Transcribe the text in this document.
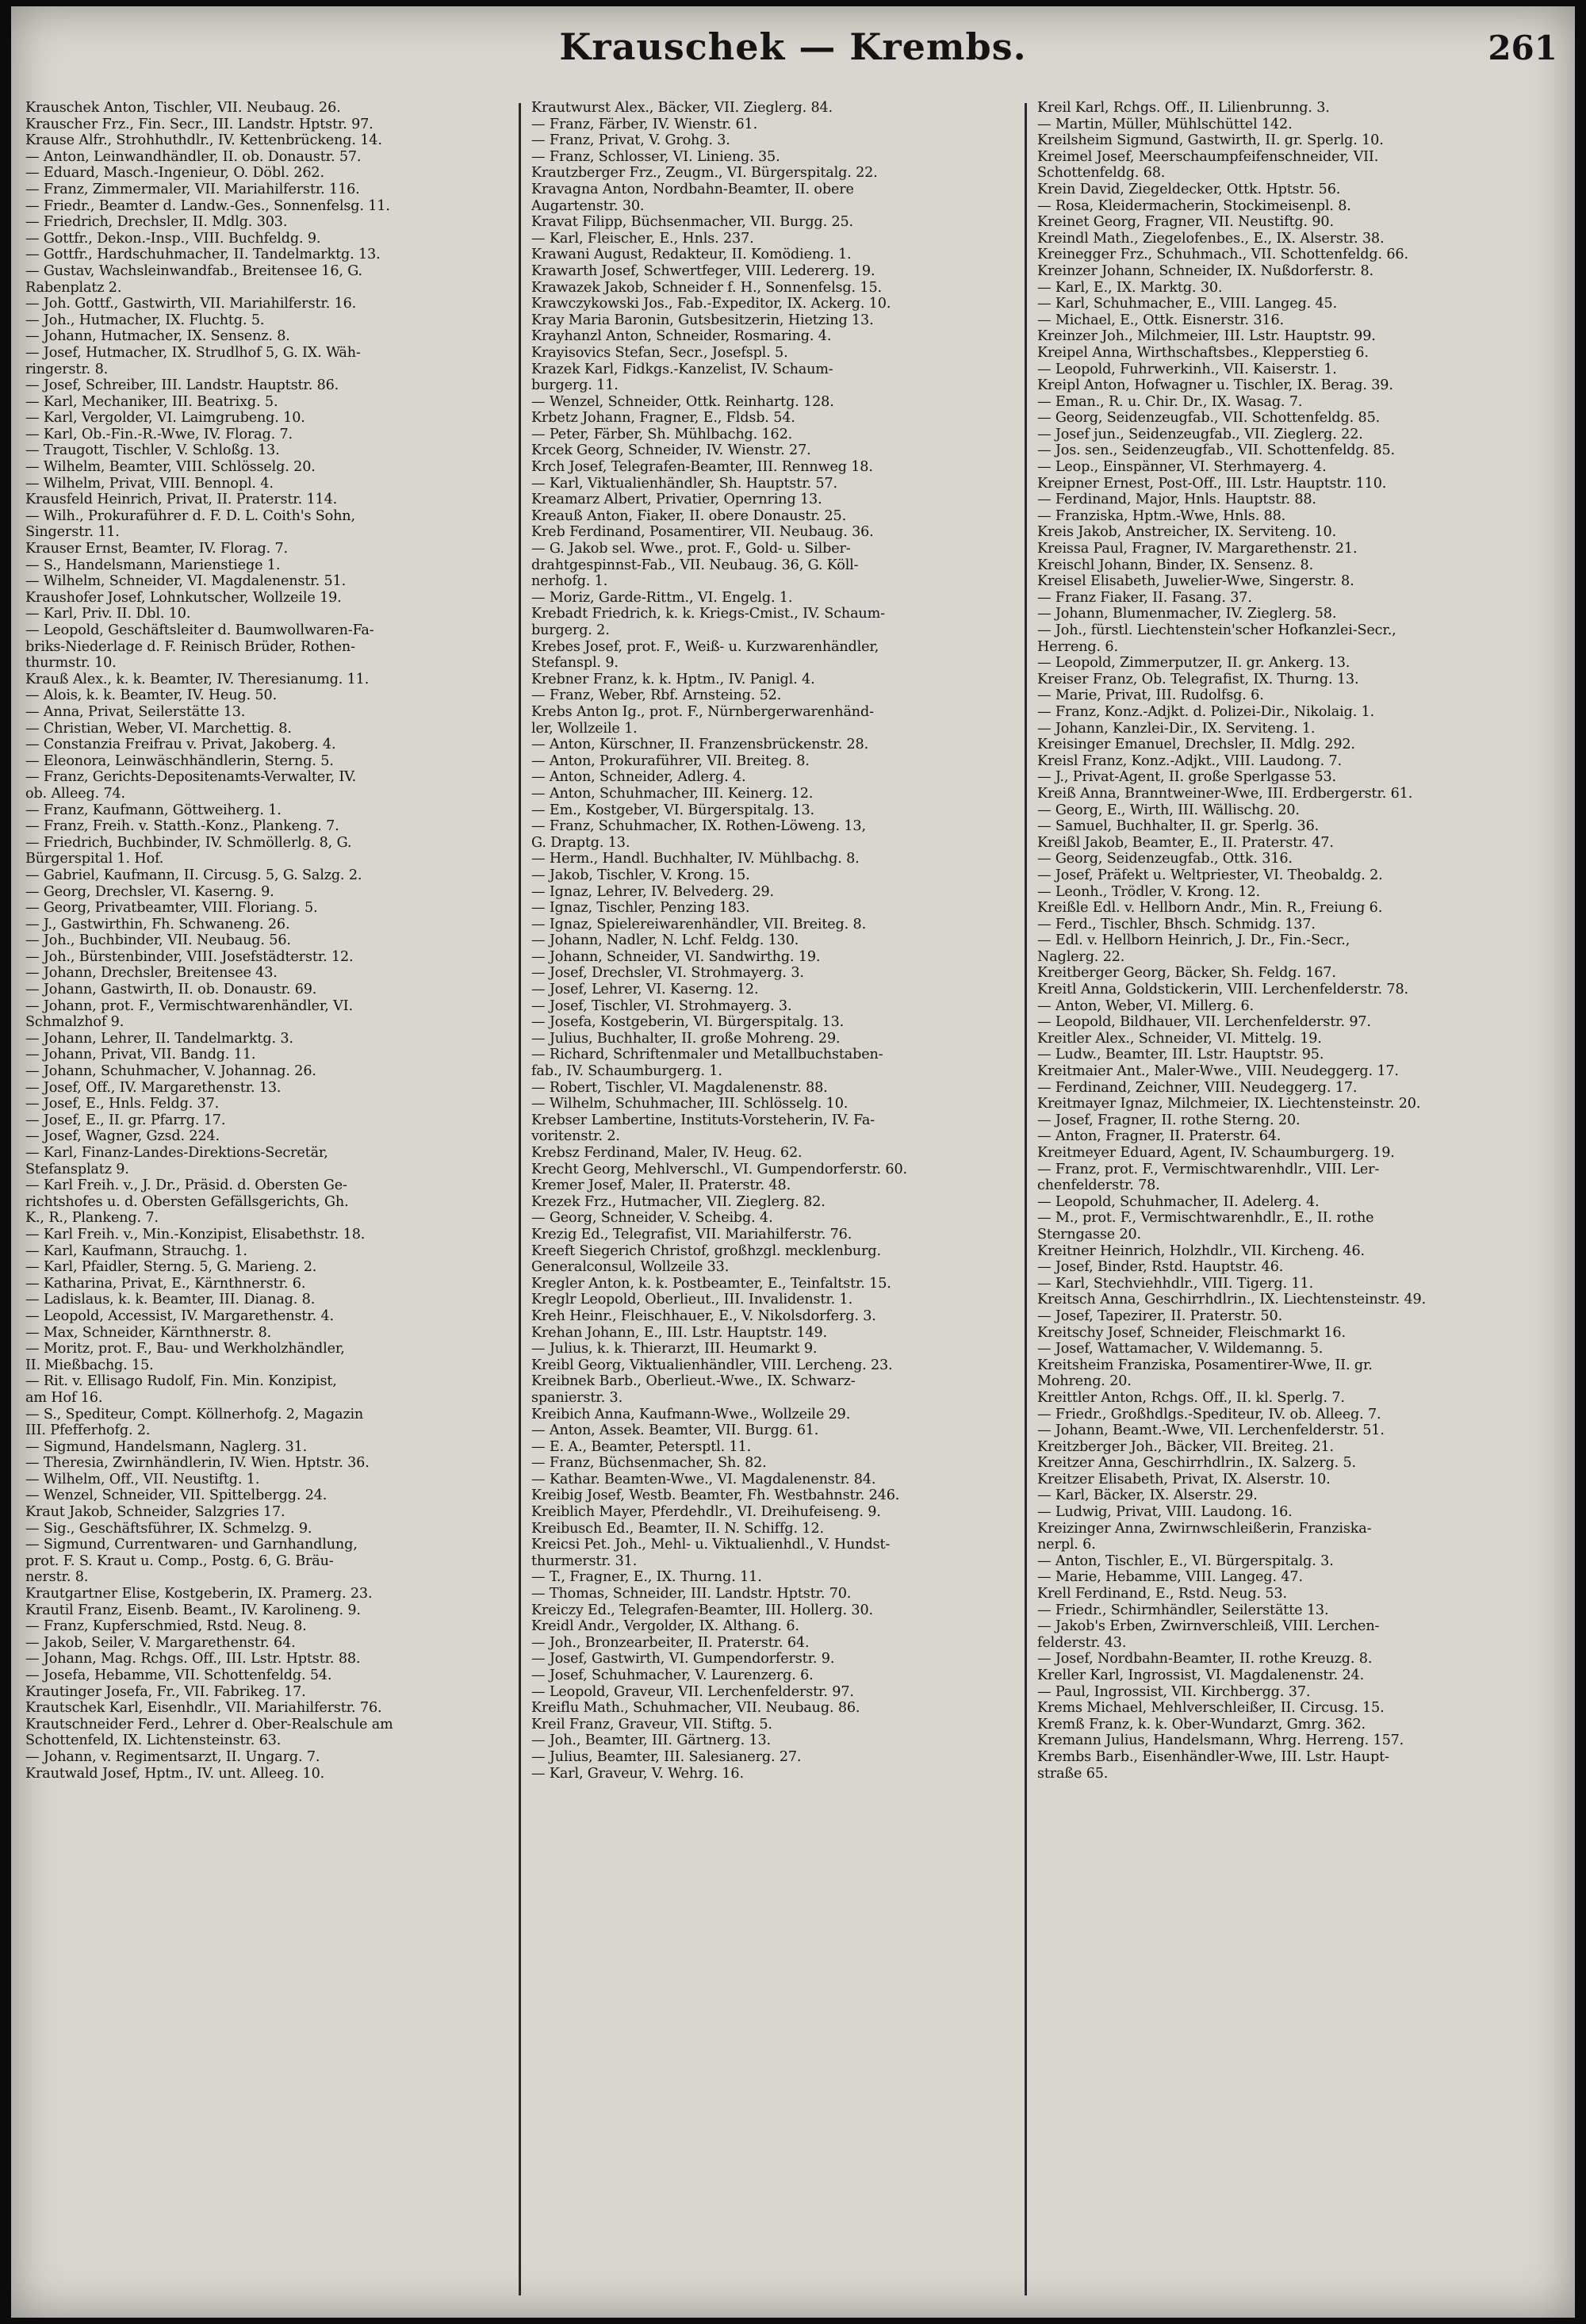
Krauschek — Krembs.	261
Krauschek Anton, Tischler, VII. Neubaug. 26.
Krauscher Frz., Fin. Secr., III. Landstr. Hptstr. 97.
Krause Alfr., Strohhuthdlr., IV. Kettenbrückeng. 14.
— Anton, Leinwandhändler, II. ob. Donaustr. 57.
— Eduard, Masch.-Ingenieur, O. Döbl. 262.
— Franz, Zimmermaler, VII. Mariahilferstr. 116.
— Friedr., Beamter d. Landw.-Ges., Sonnenfelsg. 11.
— Friedrich, Drechsler, II. Mdlg. 303.
— Gottfr., Dekon.-Insp., VIII. Buchfeldg. 9.
— Gottfr., Hardschuhmacher, II. Tandelmarktg. 13.
— Gustav, Wachsleinwandfab., Breitensee 16, G.
Rabenplatz 2.
— Joh. Gottf., Gastwirth, VII. Mariahilferstr. 16.
— Joh., Hutmacher, IX. Fluchtg. 5.
— Johann, Hutmacher, IX. Sensenz. 8.
— Josef, Hutmacher, IX. Strudlhof 5, G. IX. Wäh-
ringerstr. 8.
— Josef, Schreiber, III. Landstr. Hauptstr. 86.
— Karl, Mechaniker, III. Beatrixg. 5.
— Karl, Vergolder, VI. Laimgrubeng. 10.
— Karl, Ob.-Fin.-R.-Wwe, IV. Florag. 7.
— Traugott, Tischler, V. Schloßg. 13.
— Wilhelm, Beamter, VIII. Schlösselg. 20.
— Wilhelm, Privat, VIII. Bennopl. 4.
Krausfeld Heinrich, Privat, II. Praterstr. 114.
— Wilh., Prokuraführer d. F. D. L. Coith's Sohn,
Singerstr. 11.
Krauser Ernst, Beamter, IV. Florag. 7.
— S., Handelsmann, Marienstiege 1.
— Wilhelm, Schneider, VI. Magdalenenstr. 51.
Kraushofer Josef, Lohnkutscher, Wollzeile 19.
— Karl, Priv. II. Dbl. 10.
— Leopold, Geschäftsleiter d. Baumwollwaren-Fa-
briks-Niederlage d. F. Reinisch Brüder, Rothen-
thurmstr. 10.
Krauß Alex., k. k. Beamter, IV. Theresianumg. 11.
— Alois, k. k. Beamter, IV. Heug. 50.
— Anna, Privat, Seilerstätte 13.
— Christian, Weber, VI. Marchettig. 8.
— Constanzia Freifrau v. Privat, Jakoberg. 4.
— Eleonora, Leinwäschhändlerin, Sterng. 5.
— Franz, Gerichts-Depositenamts-Verwalter, IV.
ob. Alleeg. 74.
— Franz, Kaufmann, Göttweiherg. 1.
— Franz, Freih. v. Statth.-Konz., Plankeng. 7.
— Friedrich, Buchbinder, IV. Schmöllerlg. 8, G.
Bürgerspital 1. Hof.
— Gabriel, Kaufmann, II. Circusg. 5, G. Salzg. 2.
— Georg, Drechsler, VI. Kaserng. 9.
— Georg, Privatbeamter, VIII. Floriang. 5.
— J., Gastwirthin, Fh. Schwaneng. 26.
— Joh., Buchbinder, VII. Neubaug. 56.
— Joh., Bürstenbinder, VIII. Josefstädterstr. 12.
— Johann, Drechsler, Breitensee 43.
— Johann, Gastwirth, II. ob. Donaustr. 69.
— Johann, prot. F., Vermischtwarenhändler, VI.
Schmalzhof 9.
— Johann, Lehrer, II. Tandelmarktg. 3.
— Johann, Privat, VII. Bandg. 11.
— Johann, Schuhmacher, V. Johannag. 26.
— Josef, Off., IV. Margarethenstr. 13.
— Josef, E., Hnls. Feldg. 37.
— Josef, E., II. gr. Pfarrg. 17.
— Josef, Wagner, Gzsd. 224.
— Karl, Finanz-Landes-Direktions-Secretär,
Stefansplatz 9.
— Karl Freih. v., J. Dr., Präsid. d. Obersten Ge-
richtshofes u. d. Obersten Gefällsgerichts, Gh.
K., R., Plankeng. 7.
— Karl Freih. v., Min.-Konzipist, Elisabethstr. 18.
— Karl, Kaufmann, Strauchg. 1.
— Karl, Pfaidler, Sterng. 5, G. Marieng. 2.
— Katharina, Privat, E., Kärnthnerstr. 6.
— Ladislaus, k. k. Beamter, III. Dianag. 8.
— Leopold, Accessist, IV. Margarethenstr. 4.
— Max, Schneider, Kärnthnerstr. 8.
— Moritz, prot. F., Bau- und Werkholzhändler,
II. Mießbachg. 15.
— Rit. v. Ellisago Rudolf, Fin. Min. Konzipist,
am Hof 16.
— S., Spediteur, Compt. Köllnerhofg. 2, Magazin
III. Pfefferhofg. 2.
— Sigmund, Handelsmann, Naglerg. 31.
— Theresia, Zwirnhändlerin, IV. Wien. Hptstr. 36.
— Wilhelm, Off., VII. Neustiftg. 1.
— Wenzel, Schneider, VII. Spittelbergg. 24.
Kraut Jakob, Schneider, Salzgries 17.
— Sig., Geschäftsführer, IX. Schmelzg. 9.
— Sigmund, Currentwaren- und Garnhandlung,
prot. F. S. Kraut u. Comp., Postg. 6, G. Bräu-
nerstr. 8.
Krautgartner Elise, Kostgeberin, IX. Pramerg. 23.
Krautil Franz, Eisenb. Beamt., IV. Karolineng. 9.
— Franz, Kupferschmied, Rstd. Neug. 8.
— Jakob, Seiler, V. Margarethenstr. 64.
— Johann, Mag. Rchgs. Off., III. Lstr. Hptstr. 88.
— Josefa, Hebamme, VII. Schottenfeldg. 54.
Krautinger Josefa, Fr., VII. Fabrikeg. 17.
Krautschek Karl, Eisenhdlr., VII. Mariahilferstr. 76.
Krautschneider Ferd., Lehrer d. Ober-Realschule am
Schottenfeld, IX. Lichtensteinstr. 63.
— Johann, v. Regimentsarzt, II. Ungarg. 7.
Krautwald Josef, Hptm., IV. unt. Alleeg. 10.
Krautwurst Alex., Bäcker, VII. Zieglerg. 84.
— Franz, Färber, IV. Wienstr. 61.
— Franz, Privat, V. Grohg. 3.
— Franz, Schlosser, VI. Linieng. 35.
Krautzberger Frz., Zeugm., VI. Bürgerspitalg. 22.
Kravagna Anton, Nordbahn-Beamter, II. obere
Augartenstr. 30.
Kravat Filipp, Büchsenmacher, VII. Burgg. 25.
— Karl, Fleischer, E., Hnls. 237.
Krawani August, Redakteur, II. Komödieng. 1.
Krawarth Josef, Schwertfeger, VIII. Ledererg. 19.
Krawazek Jakob, Schneider f. H., Sonnenfelsg. 15.
Krawczykowski Jos., Fab.-Expeditor, IX. Ackerg. 10.
Kray Maria Baronin, Gutsbesitzerin, Hietzing 13.
Krayhanzl Anton, Schneider, Rosmaring. 4.
Krayisovics Stefan, Secr., Josefspl. 5.
Krazek Karl, Fidkgs.-Kanzelist, IV. Schaum-
burgerg. 11.
— Wenzel, Schneider, Ottk. Reinhartg. 128.
Krbetz Johann, Fragner, E., Fldsb. 54.
— Peter, Färber, Sh. Mühlbachg. 162.
Krcek Georg, Schneider, IV. Wienstr. 27.
Krch Josef, Telegrafen-Beamter, III. Rennweg 18.
— Karl, Viktualienhändler, Sh. Hauptstr. 57.
Kreamarz Albert, Privatier, Opernring 13.
Kreauß Anton, Fiaker, II. obere Donaustr. 25.
Kreb Ferdinand, Posamentirer, VII. Neubaug. 36.
— G. Jakob sel. Wwe., prot. F., Gold- u. Silber-
drahtgespinnst-Fab., VII. Neubaug. 36, G. Köll-
nerhofg. 1.
— Moriz, Garde-Rittm., VI. Engelg. 1.
Krebadt Friedrich, k. k. Kriegs-Cmist., IV. Schaum-
burgerg. 2.
Krebes Josef, prot. F., Weiß- u. Kurzwarenhändler,
Stefanspl. 9.
Krebner Franz, k. k. Hptm., IV. Panigl. 4.
— Franz, Weber, Rbf. Arnsteing. 52.
Krebs Anton Ig., prot. F., Nürnbergerwarenhänd-
ler, Wollzeile 1.
— Anton, Kürschner, II. Franzensbrückenstr. 28.
— Anton, Prokuraführer, VII. Breiteg. 8.
— Anton, Schneider, Adlerg. 4.
— Anton, Schuhmacher, III. Keinerg. 12.
— Em., Kostgeber, VI. Bürgerspitalg. 13.
— Franz, Schuhmacher, IX. Rothen-Löweng. 13,
G. Draptg. 13.
— Herm., Handl. Buchhalter, IV. Mühlbachg. 8.
— Jakob, Tischler, V. Krong. 15.
— Ignaz, Lehrer, IV. Belvederg. 29.
— Ignaz, Tischler, Penzing 183.
— Ignaz, Spielereiwarenhändler, VII. Breiteg. 8.
— Johann, Nadler, N. Lchf. Feldg. 130.
— Johann, Schneider, VI. Sandwirthg. 19.
— Josef, Drechsler, VI. Strohmayerg. 3.
— Josef, Lehrer, VI. Kaserng. 12.
— Josef, Tischler, VI. Strohmayerg. 3.
— Josefa, Kostgeberin, VI. Bürgerspitalg. 13.
— Julius, Buchhalter, II. große Mohreng. 29.
— Richard, Schriftenmaler und Metallbuchstaben-
fab., IV. Schaumburgerg. 1.
— Robert, Tischler, VI. Magdalenenstr. 88.
— Wilhelm, Schuhmacher, III. Schlösselg. 10.
Krebser Lambertine, Instituts-Vorsteherin, IV. Fa-
voritenstr. 2.
Krebsz Ferdinand, Maler, IV. Heug. 62.
Krecht Georg, Mehlverschl., VI. Gumpendorferstr. 60.
Kremer Josef, Maler, II. Praterstr. 48.
Krezek Frz., Hutmacher, VII. Zieglerg. 82.
— Georg, Schneider, V. Scheibg. 4.
Krezig Ed., Telegrafist, VII. Mariahilferstr. 76.
Kreeft Siegerich Christof, großhzgl. mecklenburg.
Generalconsul, Wollzeile 33.
Kregler Anton, k. k. Postbeamter, E., Teinfaltstr. 15.
Kreglr Leopold, Oberlieut., III. Invalidenstr. 1.
Kreh Heinr., Fleischhauer, E., V. Nikolsdorferg. 3.
Krehan Johann, E., III. Lstr. Hauptstr. 149.
— Julius, k. k. Thierarzt, III. Heumarkt 9.
Kreibl Georg, Viktualienhändler, VIII. Lercheng. 23.
Kreibnek Barb., Oberlieut.-Wwe., IX. Schwarz-
spanierstr. 3.
Kreibich Anna, Kaufmann-Wwe., Wollzeile 29.
— Anton, Assek. Beamter, VII. Burgg. 61.
— E. A., Beamter, Petersptl. 11.
— Franz, Büchsenmacher, Sh. 82.
— Kathar. Beamten-Wwe., VI. Magdalenenstr. 84.
Kreibig Josef, Westb. Beamter, Fh. Westbahnstr. 246.
Kreiblich Mayer, Pferdehdlr., VI. Dreihufeiseng. 9.
Kreibusch Ed., Beamter, II. N. Schiffg. 12.
Kreicsi Pet. Joh., Mehl- u. Viktualienhdl., V. Hundst-
thurmerstr. 31.
— T., Fragner, E., IX. Thurng. 11.
— Thomas, Schneider, III. Landstr. Hptstr. 70.
Kreiczy Ed., Telegrafen-Beamter, III. Hollerg. 30.
Kreidl Andr., Vergolder, IX. Althang. 6.
— Joh., Bronzearbeiter, II. Praterstr. 64.
— Josef, Gastwirth, VI. Gumpendorferstr. 9.
— Josef, Schuhmacher, V. Laurenzerg. 6.
— Leopold, Graveur, VII. Lerchenfelderstr. 97.
Kreiflu Math., Schuhmacher, VII. Neubaug. 86.
Kreil Franz, Graveur, VII. Stiftg. 5.
— Joh., Beamter, III. Gärtnerg. 13.
— Julius, Beamter, III. Salesianerg. 27.
— Karl, Graveur, V. Wehrg. 16.
Kreil Karl, Rchgs. Off., II. Lilienbrunng. 3.
— Martin, Müller, Mühlschüttel 142.
Kreilsheim Sigmund, Gastwirth, II. gr. Sperlg. 10.
Kreimel Josef, Meerschaumpfeifenschneider, VII.
Schottenfeldg. 68.
Krein David, Ziegeldecker, Ottk. Hptstr. 56.
— Rosa, Kleidermacherin, Stockimeisenpl. 8.
Kreinet Georg, Fragner, VII. Neustiftg. 90.
Kreindl Math., Ziegelofenbes., E., IX. Alserstr. 38.
Kreinegger Frz., Schuhmach., VII. Schottenfeldg. 66.
Kreinzer Johann, Schneider, IX. Nußdorferstr. 8.
— Karl, E., IX. Marktg. 30.
— Karl, Schuhmacher, E., VIII. Langeg. 45.
— Michael, E., Ottk. Eisnerstr. 316.
Kreinzer Joh., Milchmeier, III. Lstr. Hauptstr. 99.
Kreipel Anna, Wirthschaftsbes., Klepperstieg 6.
— Leopold, Fuhrwerkinh., VII. Kaiserstr. 1.
Kreipl Anton, Hofwagner u. Tischler, IX. Berag. 39.
— Eman., R. u. Chir. Dr., IX. Wasag. 7.
— Georg, Seidenzeugfab., VII. Schottenfeldg. 85.
— Josef jun., Seidenzeugfab., VII. Zieglerg. 22.
— Jos. sen., Seidenzeugfab., VII. Schottenfeldg. 85.
— Leop., Einspänner, VI. Sterhmayerg. 4.
Kreipner Ernest, Post-Off., III. Lstr. Hauptstr. 110.
— Ferdinand, Major, Hnls. Hauptstr. 88.
— Franziska, Hptm.-Wwe, Hnls. 88.
Kreis Jakob, Anstreicher, IX. Serviteng. 10.
Kreissa Paul, Fragner, IV. Margarethenstr. 21.
Kreischl Johann, Binder, IX. Sensenz. 8.
Kreisel Elisabeth, Juwelier-Wwe, Singerstr. 8.
— Franz Fiaker, II. Fasang. 37.
— Johann, Blumenmacher, IV. Zieglerg. 58.
— Joh., fürstl. Liechtenstein'scher Hofkanzlei-Secr.,
Herreng. 6.
— Leopold, Zimmerputzer, II. gr. Ankerg. 13.
Kreiser Franz, Ob. Telegrafist, IX. Thurng. 13.
— Marie, Privat, III. Rudolfsg. 6.
— Franz, Konz.-Adjkt. d. Polizei-Dir., Nikolaig. 1.
— Johann, Kanzlei-Dir., IX. Serviteng. 1.
Kreisinger Emanuel, Drechsler, II. Mdlg. 292.
Kreisl Franz, Konz.-Adjkt., VIII. Laudong. 7.
— J., Privat-Agent, II. große Sperlgasse 53.
Kreiß Anna, Branntweiner-Wwe, III. Erdbergerstr. 61.
— Georg, E., Wirth, III. Wällischg. 20.
— Samuel, Buchhalter, II. gr. Sperlg. 36.
Kreißl Jakob, Beamter, E., II. Praterstr. 47.
— Georg, Seidenzeugfab., Ottk. 316.
— Josef, Präfekt u. Weltpriester, VI. Theobaldg. 2.
— Leonh., Trödler, V. Krong. 12.
Kreißle Edl. v. Hellborn Andr., Min. R., Freiung 6.
— Ferd., Tischler, Bhsch. Schmidg. 137.
— Edl. v. Hellborn Heinrich, J. Dr., Fin.-Secr.,
Naglerg. 22.
Kreitberger Georg, Bäcker, Sh. Feldg. 167.
Kreitl Anna, Goldstickerin, VIII. Lerchenfelderstr. 78.
— Anton, Weber, VI. Millerg. 6.
— Leopold, Bildhauer, VII. Lerchenfelderstr. 97.
Kreitler Alex., Schneider, VI. Mittelg. 19.
— Ludw., Beamter, III. Lstr. Hauptstr. 95.
Kreitmaier Ant., Maler-Wwe., VIII. Neudeggerg. 17.
— Ferdinand, Zeichner, VIII. Neudeggerg. 17.
Kreitmayer Ignaz, Milchmeier, IX. Liechtensteinstr. 20.
— Josef, Fragner, II. rothe Sterng. 20.
— Anton, Fragner, II. Praterstr. 64.
Kreitmeyer Eduard, Agent, IV. Schaumburgerg. 19.
— Franz, prot. F., Vermischtwarenhdlr., VIII. Ler-
chenfelderstr. 78.
— Leopold, Schuhmacher, II. Adelerg. 4.
— M., prot. F., Vermischtwarenhdlr., E., II. rothe
Sterngasse 20.
Kreitner Heinrich, Holzhdlr., VII. Kircheng. 46.
— Josef, Binder, Rstd. Hauptstr. 46.
— Karl, Stechviehhdlr., VIII. Tigerg. 11.
Kreitsch Anna, Geschirrhdlrin., IX. Liechtensteinstr. 49.
— Josef, Tapezirer, II. Praterstr. 50.
Kreitschy Josef, Schneider, Fleischmarkt 16.
— Josef, Wattamacher, V. Wildemanng. 5.
Kreitsheim Franziska, Posamentirer-Wwe, II. gr.
Mohreng. 20.
Kreittler Anton, Rchgs. Off., II. kl. Sperlg. 7.
— Friedr., Großhdlgs.-Spediteur, IV. ob. Alleeg. 7.
— Johann, Beamt.-Wwe, VII. Lerchenfelderstr. 51.
Kreitzberger Joh., Bäcker, VII. Breiteg. 21.
Kreitzer Anna, Geschirrhdlrin., IX. Salzerg. 5.
Kreitzer Elisabeth, Privat, IX. Alserstr. 10.
— Karl, Bäcker, IX. Alserstr. 29.
— Ludwig, Privat, VIII. Laudong. 16.
Kreizinger Anna, Zwirnwschleißerin, Franziska-
nerpl. 6.
— Anton, Tischler, E., VI. Bürgerspitalg. 3.
— Marie, Hebamme, VIII. Langeg. 47.
Krell Ferdinand, E., Rstd. Neug. 53.
— Friedr., Schirmhändler, Seilerstätte 13.
— Jakob's Erben, Zwirnverschleiß, VIII. Lerchen-
felderstr. 43.
— Josef, Nordbahn-Beamter, II. rothe Kreuzg. 8.
Kreller Karl, Ingrossist, VI. Magdalenenstr. 24.
— Paul, Ingrossist, VII. Kirchbergg. 37.
Krems Michael, Mehlverschleißer, II. Circusg. 15.
Kremß Franz, k. k. Ober-Wundarzt, Gmrg. 362.
Kremann Julius, Handelsmann, Whrg. Herreng. 157.
Krembs Barb., Eisenhändler-Wwe, III. Lstr. Haupt-
straße 65.
